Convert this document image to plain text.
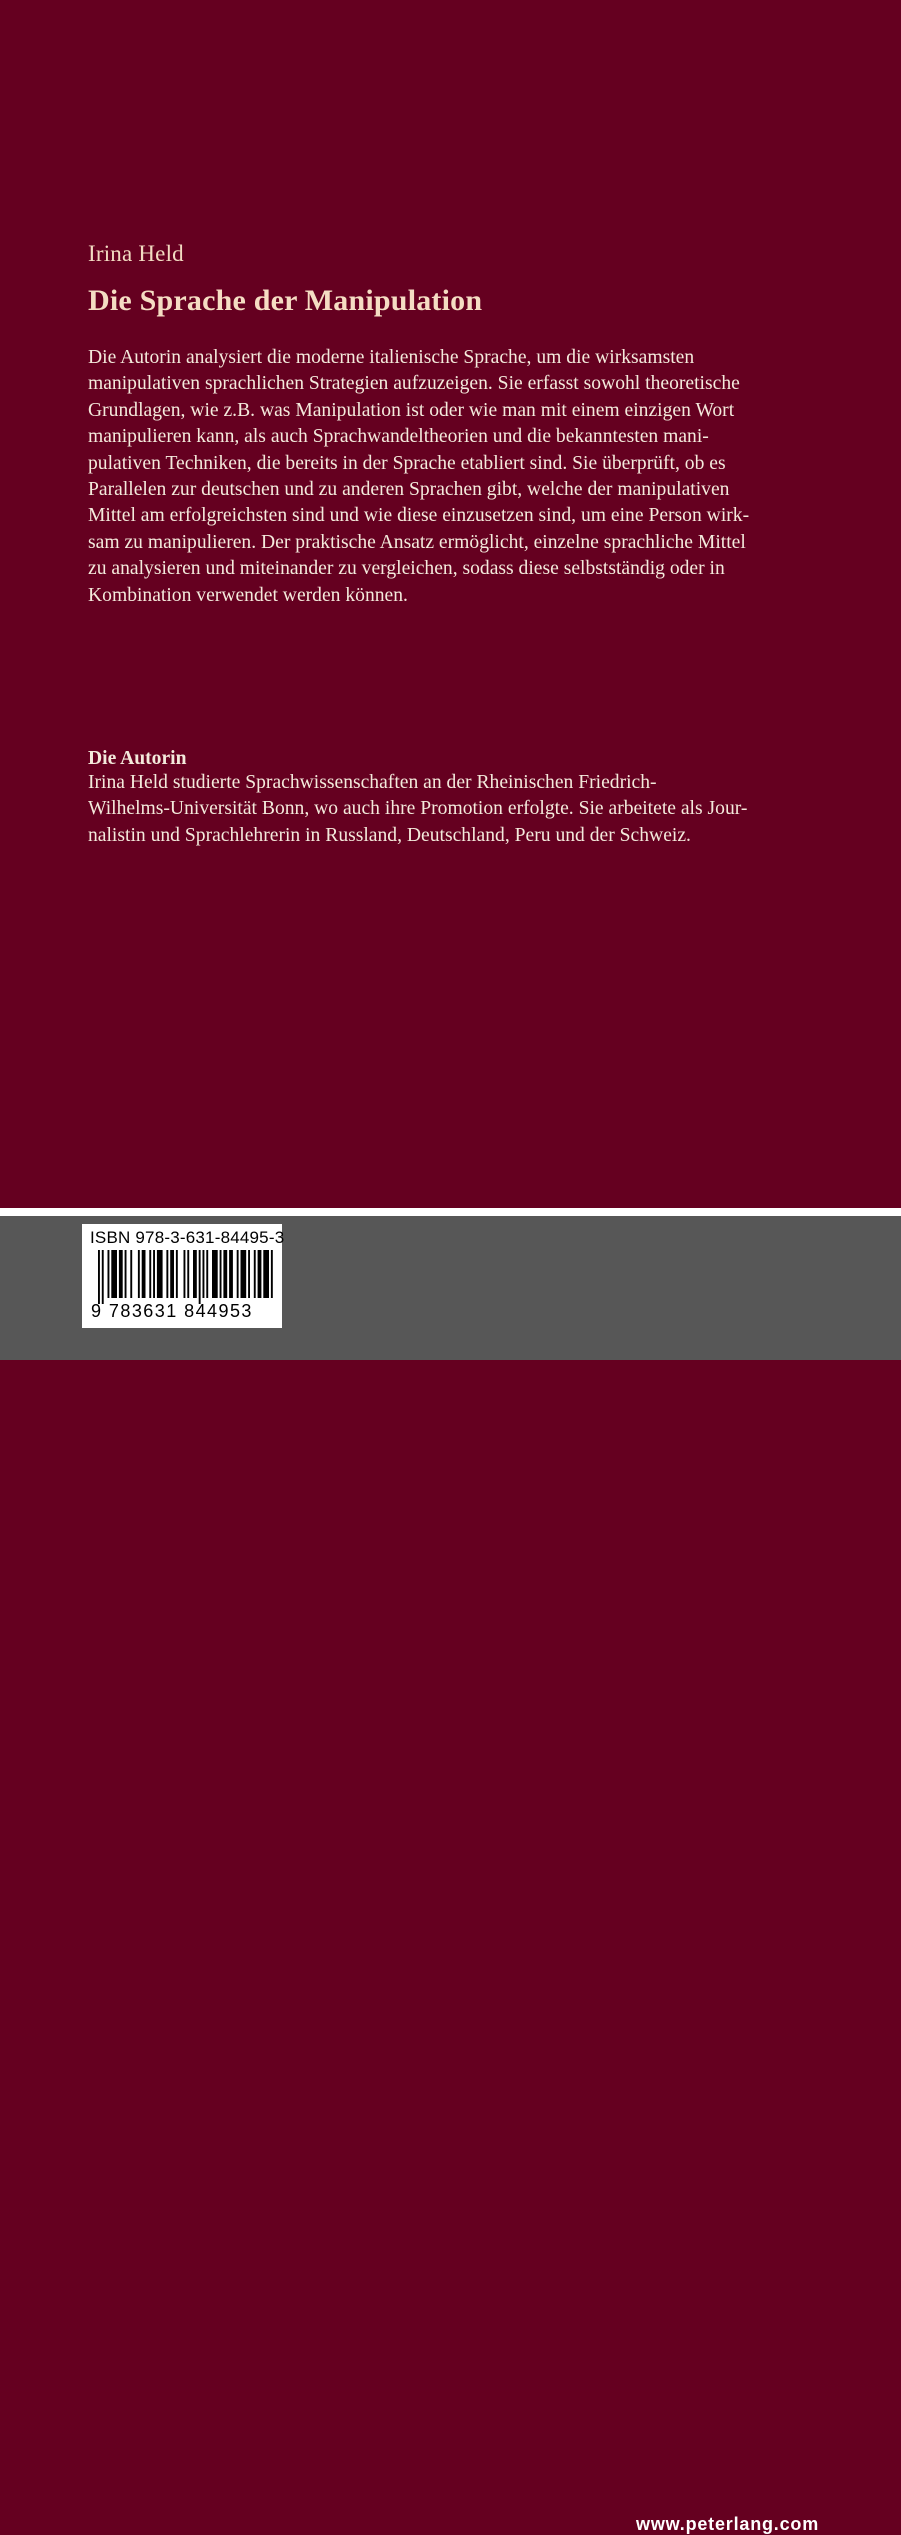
Irina Held
Die Sprache der Manipulation
Die Autorin analysiert die moderne italienische Sprache, um die wirksamsten
manipulativen sprachlichen Strategien aufzuzeigen. Sie erfasst sowohl theoretische
Grundlagen, wie z.B. was Manipulation ist oder wie man mit einem einzigen Wort
manipulieren kann, als auch Sprachwandeltheorien und die bekanntesten mani-
pulativen Techniken, die bereits in der Sprache etabliert sind. Sie überprüft, ob es
Parallelen zur deutschen und zu anderen Sprachen gibt, welche der manipulativen
Mittel am erfolgreichsten sind und wie diese einzusetzen sind, um eine Person wirk-
sam zu manipulieren. Der praktische Ansatz ermöglicht, einzelne sprachliche Mittel
zu analysieren und miteinander zu vergleichen, sodass diese selbstständig oder in
Kombination verwendet werden können.
Die Autorin
Irina Held studierte Sprachwissenschaften an der Rheinischen Friedrich-
Wilhelms-Universität Bonn, wo auch ihre Promotion erfolgte. Sie arbeitete als Jour-
nalistin und Sprachlehrerin in Russland, Deutschland, Peru und der Schweiz.
www.peterlang.com
ISBN 978-3-631-84495-3
9 783631 844953
